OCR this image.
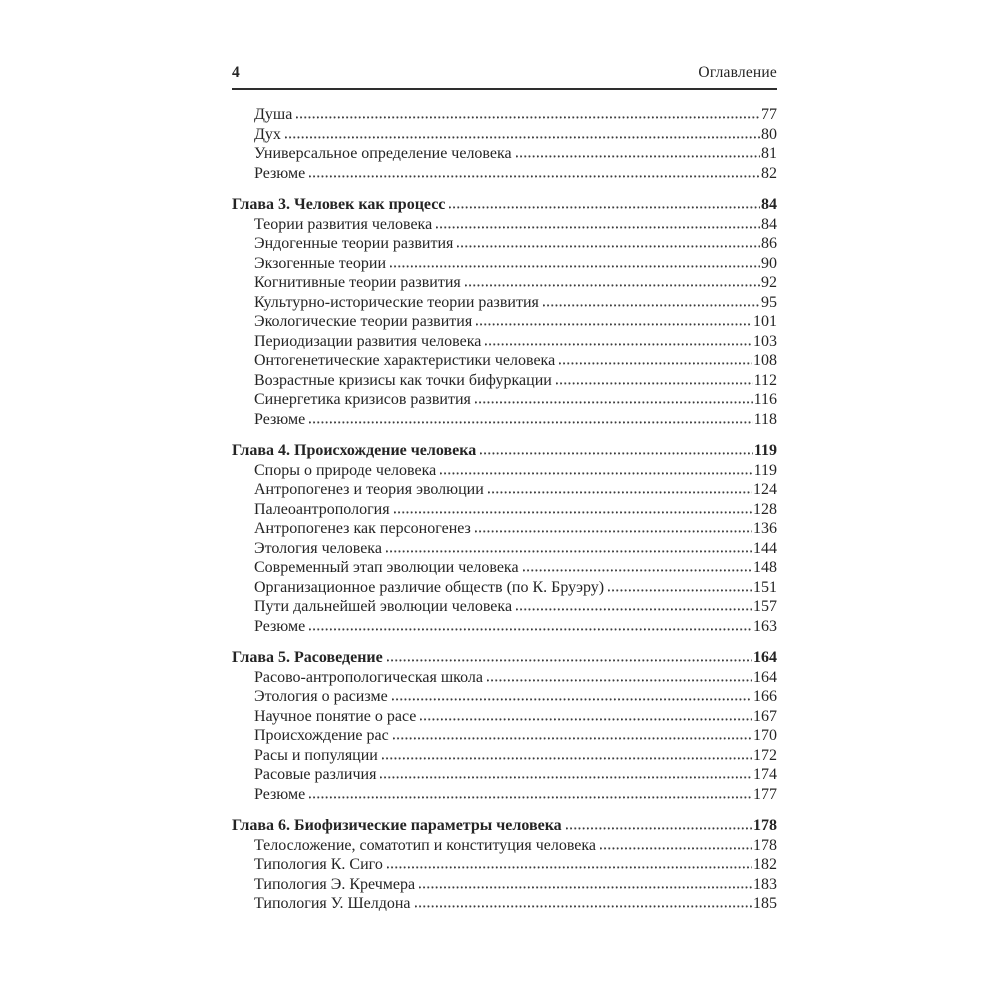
4	Оглавление
Душа	77
Дух	80
Универсальное определение человека	81
Резюме	82
Глава 3. Человек как процесс	84
Теории развития человека	84
Эндогенные теории развития	86
Экзогенные теории	90
Когнитивные теории развития	92
Культурно-исторические теории развития	95
Экологические теории развития	101
Периодизации развития человека	103
Онтогенетические характеристики человека	108
Возрастные кризисы как точки бифуркации	112
Синергетика кризисов развития	116
Резюме	118
Глава 4. Происхождение человека	119
Споры о природе человека	119
Антропогенез и теория эволюции	124
Палеоантропология	128
Антропогенез как персоногенез	136
Этология человека	144
Современный этап эволюции человека	148
Организационное различие обществ (по К. Бруэру)	151
Пути дальнейшей эволюции человека	157
Резюме	163
Глава 5. Расоведение	164
Расово-антропологическая школа	164
Этология о расизме	166
Научное понятие о расе	167
Происхождение рас	170
Расы и популяции	172
Расовые различия	174
Резюме	177
Глава 6. Биофизические параметры человека	178
Телосложение, соматотип и конституция человека	178
Типология К. Сиго	182
Типология Э. Кречмера	183
Типология У. Шелдона	185
